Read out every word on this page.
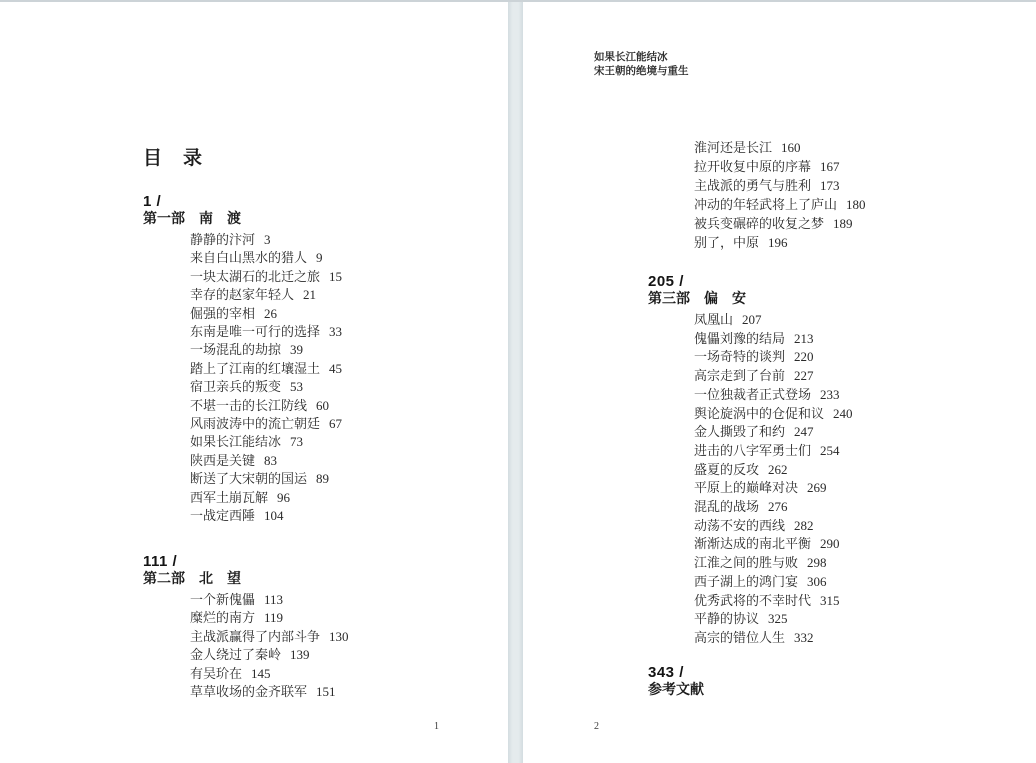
目　录
1 /
第一部　南　渡
静静的汴河 3
来自白山黑水的猎人 9
一块太湖石的北迁之旅 15
幸存的赵家年轻人 21
倔强的宰相 26
东南是唯一可行的选择 33
一场混乱的劫掠 39
踏上了江南的红壤湿土 45
宿卫亲兵的叛变 53
不堪一击的长江防线 60
风雨波涛中的流亡朝廷 67
如果长江能结冰 73
陕西是关键 83
断送了大宋朝的国运 89
西军土崩瓦解 96
一战定西陲 104
111 /
第二部　北　望
一个新傀儡 113
糜烂的南方 119
主战派赢得了内部斗争 130
金人绕过了秦岭 139
有吴玠在 145
草草收场的金齐联军 151
1
如果长江能结冰
宋王朝的绝境与重生
淮河还是长江 160
拉开收复中原的序幕 167
主战派的勇气与胜利 173
冲动的年轻武将上了庐山 180
被兵变碾碎的收复之梦 189
别了，中原 196
205 /
第三部　偏　安
凤凰山 207
傀儡刘豫的结局 213
一场奇特的谈判 220
高宗走到了台前 227
一位独裁者正式登场 233
舆论旋涡中的仓促和议 240
金人撕毁了和约 247
进击的八字军勇士们 254
盛夏的反攻 262
平原上的巅峰对决 269
混乱的战场 276
动荡不安的西线 282
渐渐达成的南北平衡 290
江淮之间的胜与败 298
西子湖上的鸿门宴 306
优秀武将的不幸时代 315
平静的协议 325
高宗的错位人生 332
343 /
参考文献
2
